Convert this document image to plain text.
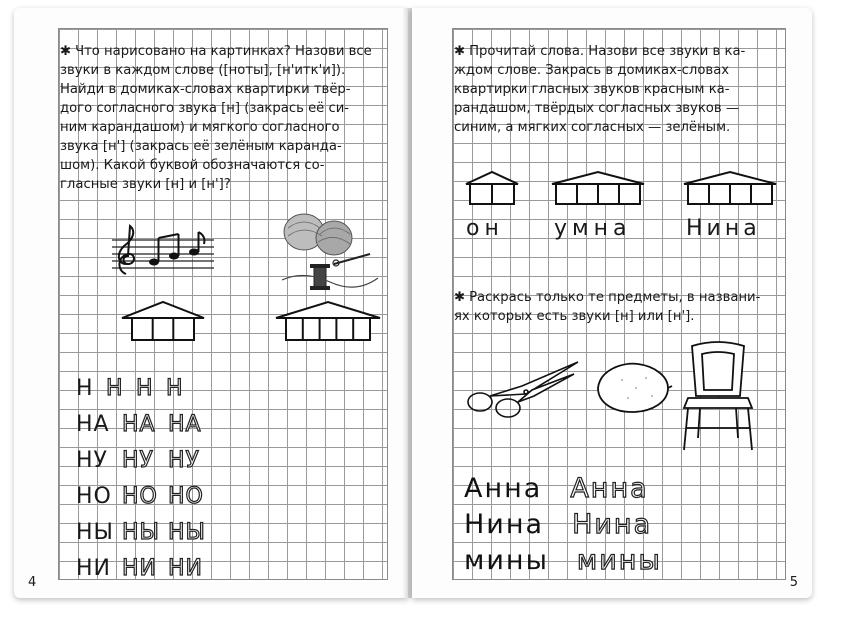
✱ Что нарисовано на картинках? Назови все

звуки в каждом слове ([ноты], [н'итк'и]).

Найди в домиках-словах квартирки твёр-

дого согласного звука [н] (закрась её си-

ним карандашом) и мягкого согласного

звука [н'] (закрась её зелёным каранда-

шом). Какой буквой обозначаются со-

гласные звуки [н] и [н']?

Н Н Н Н
НА НА НА
НУ НУ НУ
НО НО НО
НЫ НЫ НЫ
НИ НИ НИ
4

✱ Прочитай слова. Назови все звуки в ка-

ждом слове. Закрась в домиках-словах

квартирки гласных звуков красным ка-

рандашом, твёрдых согласных звуков —

синим, а мягких согласных — зелёным.

он умна Нина

✱ Раскрась только те предметы, в названи-

ях которых есть звуки [н] или [н'].

Анна Анна
Нина Нина
мины мины
5
